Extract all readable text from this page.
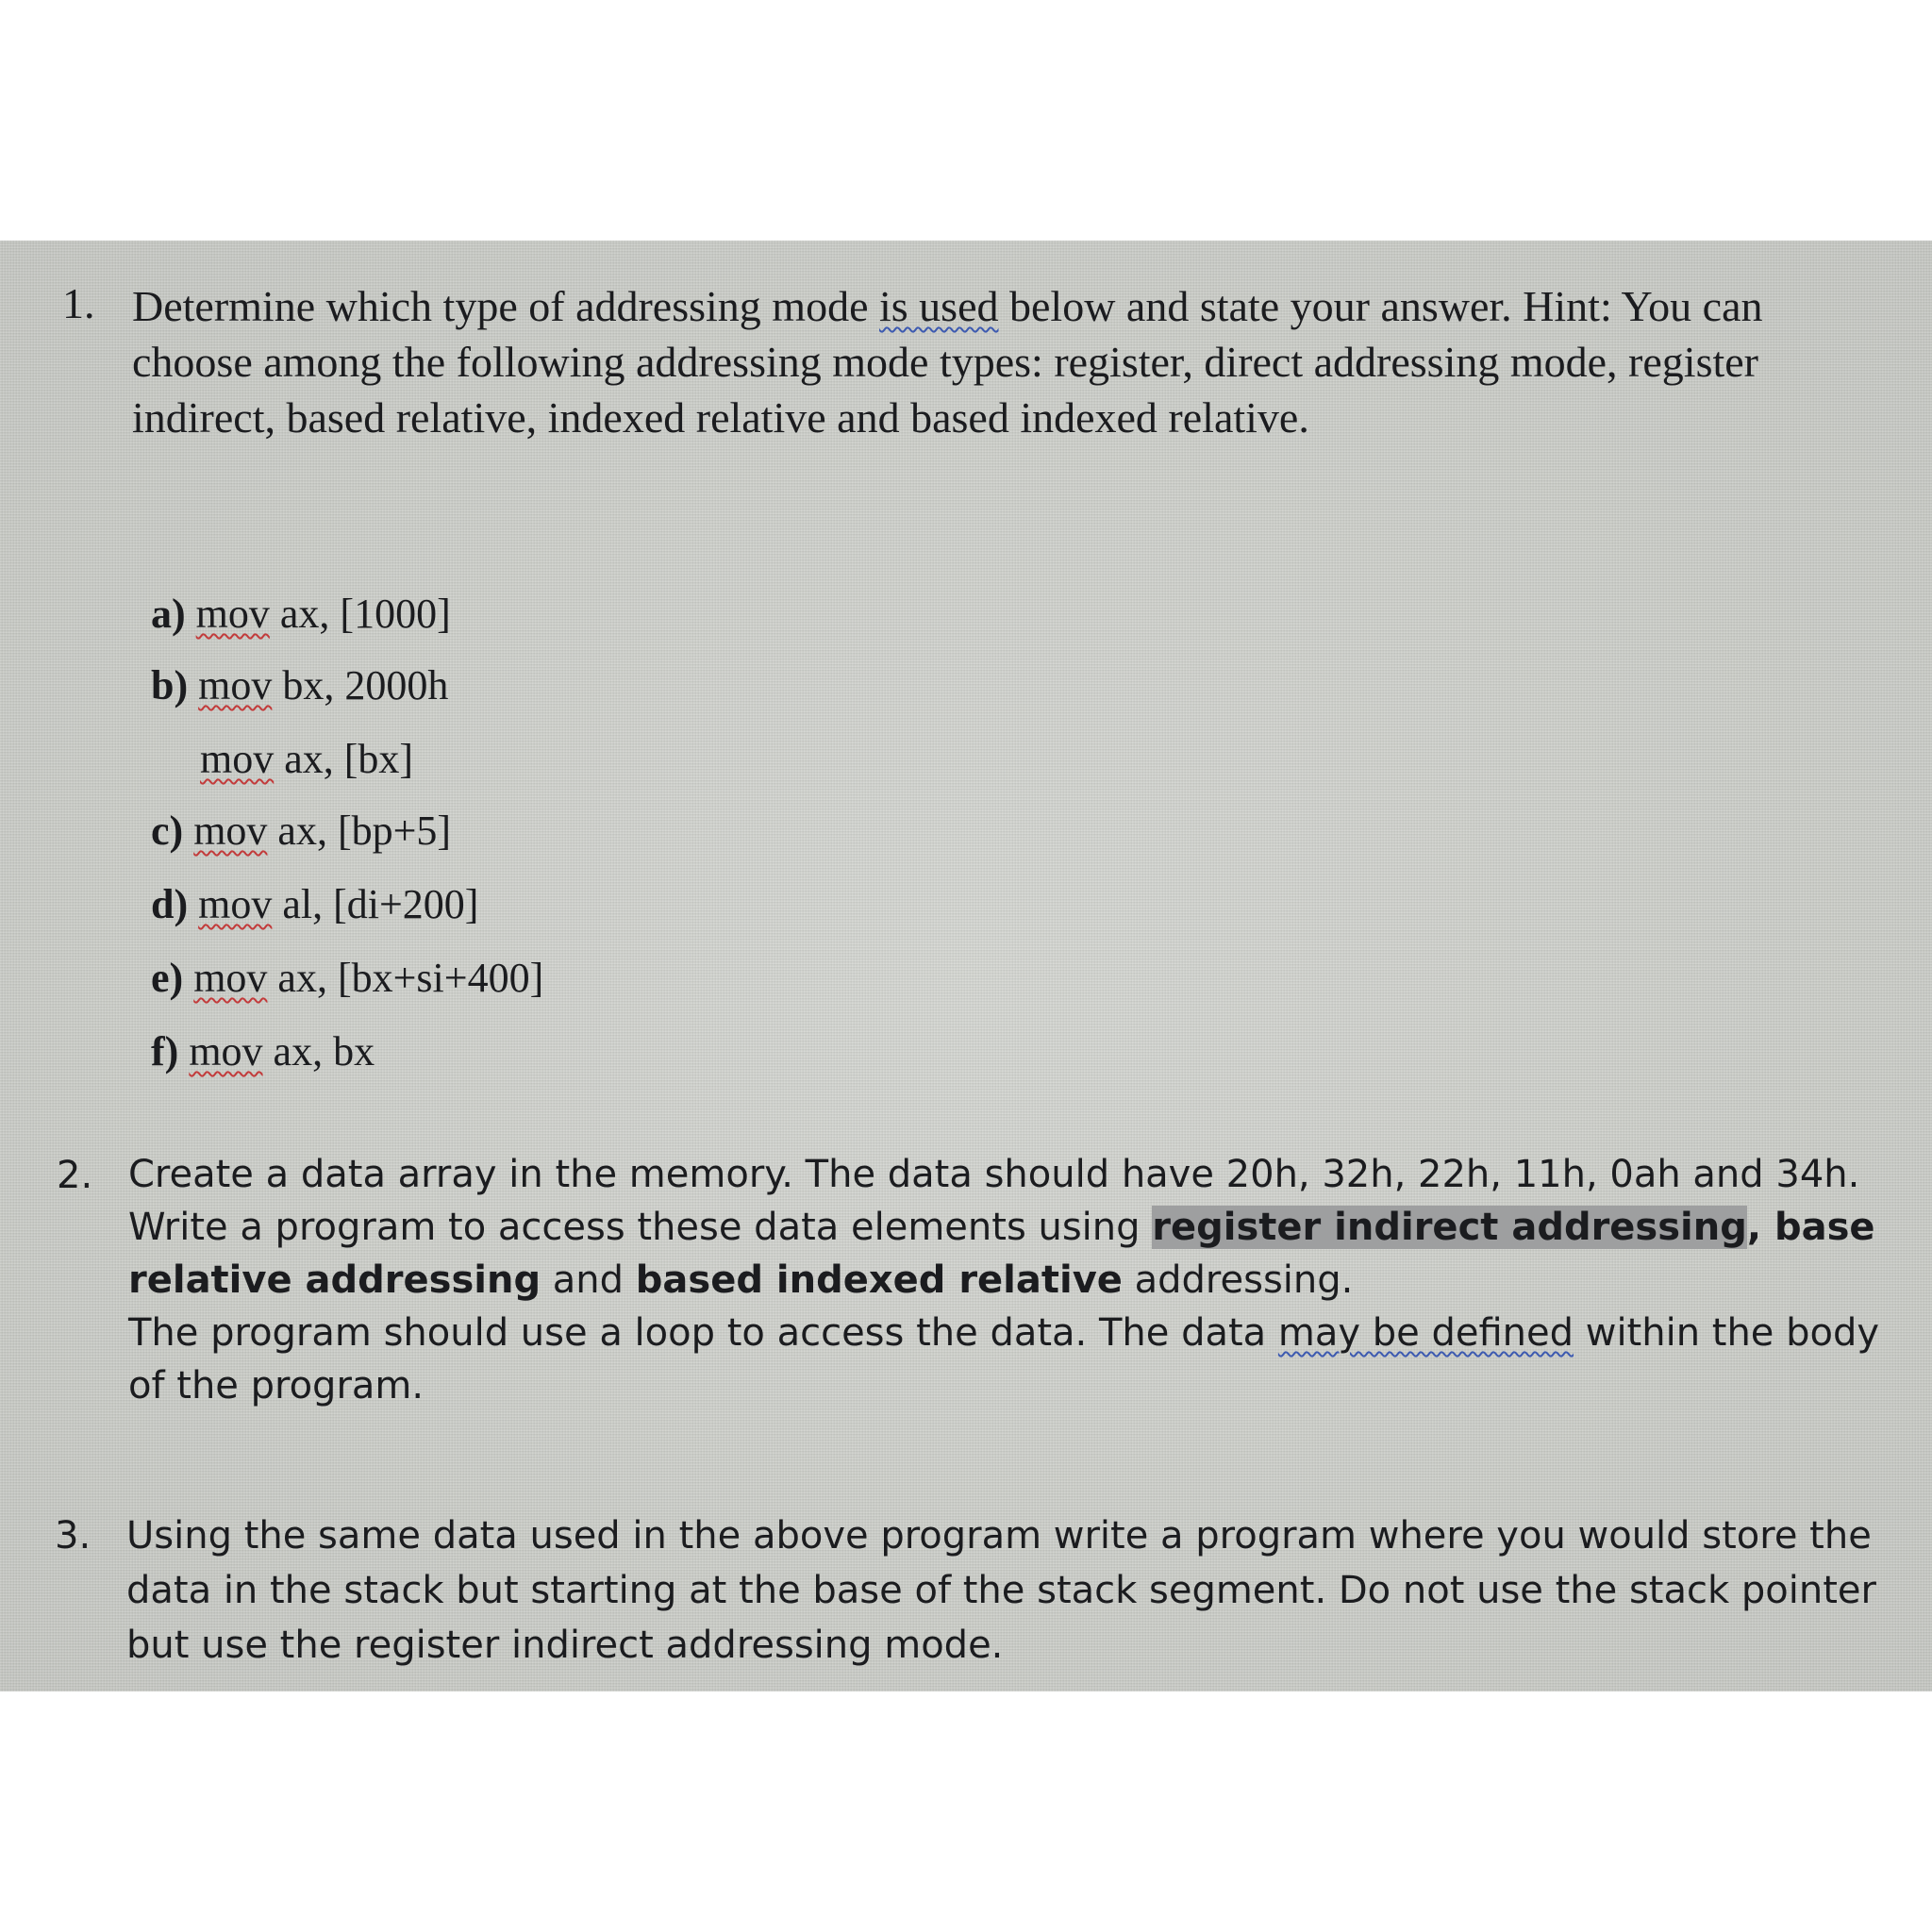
1. Determine which type of addressing mode is used below and state your answer. Hint: You can choose among the following addressing mode types: register, direct addressing mode, register indirect, based relative, indexed relative and based indexed relative.
a) mov ax, [1000]
b) mov bx, 2000h
mov ax, [bx]
c) mov ax, [bp+5]
d) mov al, [di+200]
e) mov ax, [bx+si+400]
f) mov ax, bx
2. Create a data array in the memory. The data should have 20h, 32h, 22h, 11h, 0ah and 34h. Write a program to access these data elements using register indirect addressing, base relative addressing and based indexed relative addressing.
The program should use a loop to access the data. The data may be defined within the body of the program.
3. Using the same data used in the above program write a program where you would store the data in the stack but starting at the base of the stack segment. Do not use the stack pointer but use the register indirect addressing mode.
